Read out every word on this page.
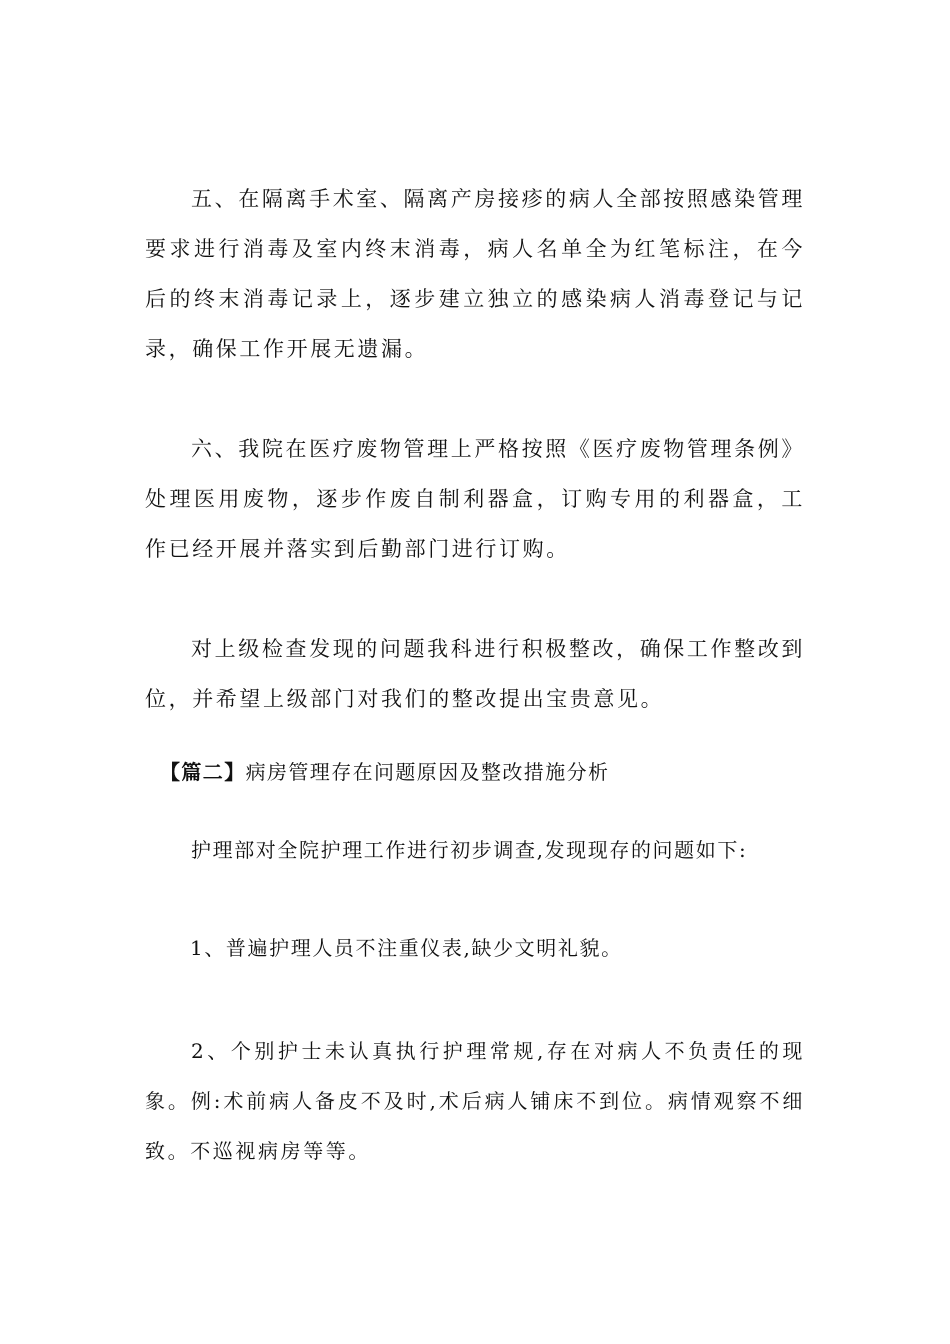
五、在隔离手术室、隔离产房接疹的病人全部按照感染管理要求进行消毒及室内终末消毒，病人名单全为红笔标注，在今后的终末消毒记录上，逐步建立独立的感染病人消毒登记与记录，确保工作开展无遗漏。

六、我院在医疗废物管理上严格按照《医疗废物管理条例》处理医用废物，逐步作废自制利器盒，订购专用的利器盒，工作已经开展并落实到后勤部门进行订购。

对上级检查发现的问题我科进行积极整改，确保工作整改到位，并希望上级部门对我们的整改提出宝贵意见。

【篇二】病房管理存在问题原因及整改措施分析

护理部对全院护理工作进行初步调查,发现现存的问题如下:

1、普遍护理人员不注重仪表,缺少文明礼貌。

2、个别护士未认真执行护理常规,存在对病人不负责任的现象。例:术前病人备皮不及时,术后病人铺床不到位。病情观察不细致。不巡视病房等等。
